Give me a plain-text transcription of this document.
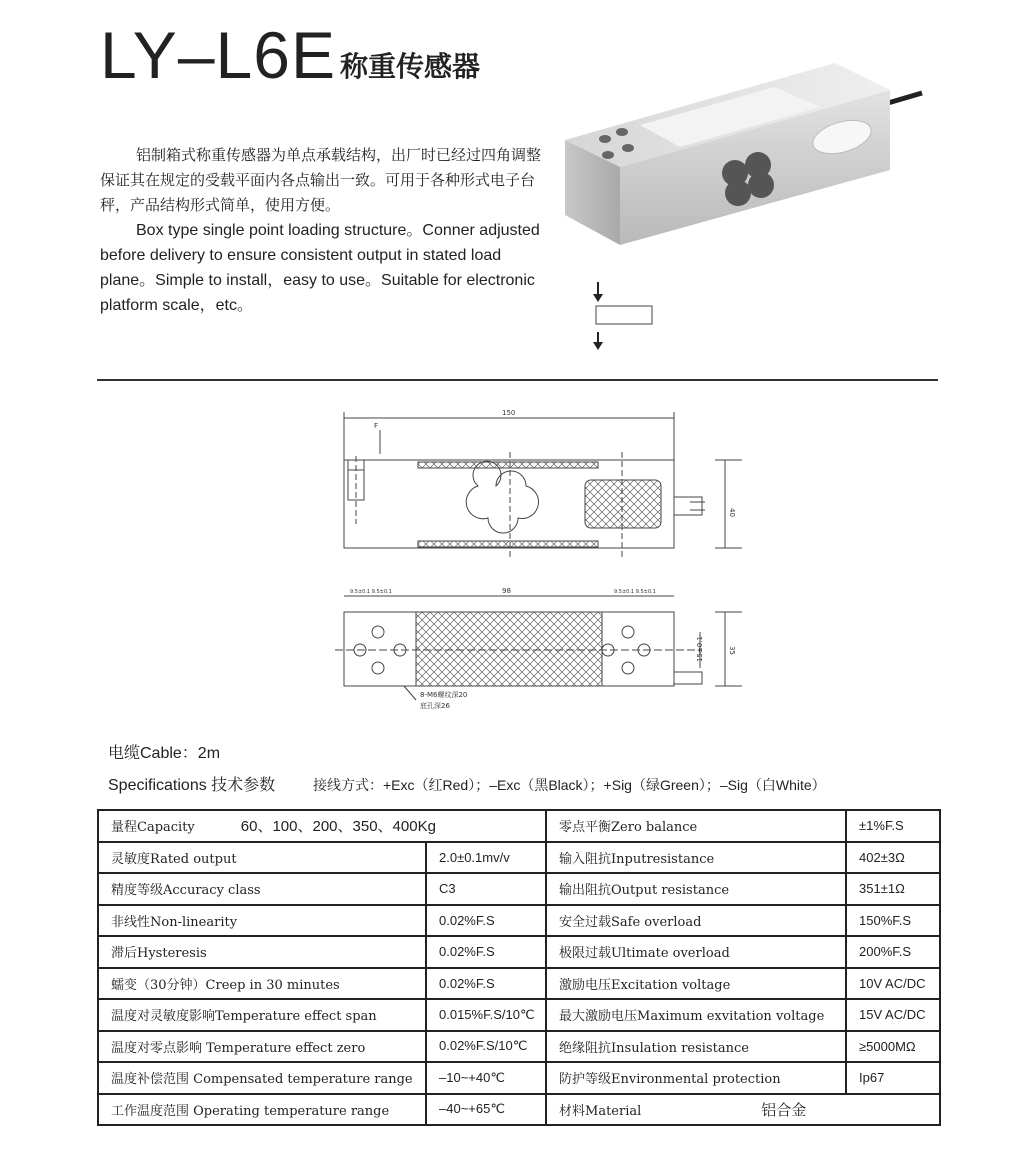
LY–L6E 称重传感器
铝制箱式称重传感器为单点承载结构，出厂时已经过四角调整保证其在规定的受载平面内各点输出一致。可用于各种形式电子台秤，产品结构形式简单，使用方便。
Box type single point loading structure。Conner adjusted before delivery to ensure consistent output in stated load plane。Simple to install，easy to use。Suitable for electronic platform scale，etc。
150
F
40
98
35
15±0.1
9.5±0.1 9.5±0.1	9.5±0.1 9.5±0.1
8-M6螺纹深20
底孔深26
电缆Cable：2m
Specifications 技术参数	接线方式：+Exc（红Red）；–Exc（黑Black）；+Sig（绿Green）；–Sig（白White）
量程Capacity 60、100、200、350、400Kg		零点平衡Zero balance	±1%F.S
灵敏度Rated output	2.0±0.1mv/v	输入阻抗Inputresistance	402±3Ω
精度等级Accuracy class	C3	输出阻抗Output resistance	351±1Ω
非线性Non-linearity	0.02%F.S	安全过载Safe overload	150%F.S
滞后Hysteresis	0.02%F.S	极限过载Ultimate overload	200%F.S
蠕变（30分钟）Creep in 30 minutes	0.02%F.S	激励电压Excitation voltage	10V AC/DC
温度对灵敏度影响Temperature effect span	0.015%F.S/10℃	最大激励电压Maximum exvitation voltage	15V AC/DC
温度对零点影响 Temperature effect zero	0.02%F.S/10℃	绝缘阻抗Insulation resistance	≥5000MΩ
温度补偿范围 Compensated temperature range	–10~+40℃	防护等级Environmental protection	Ip67
工作温度范围 Operating temperature range	–40~+65℃	材料Material 铝合金	
